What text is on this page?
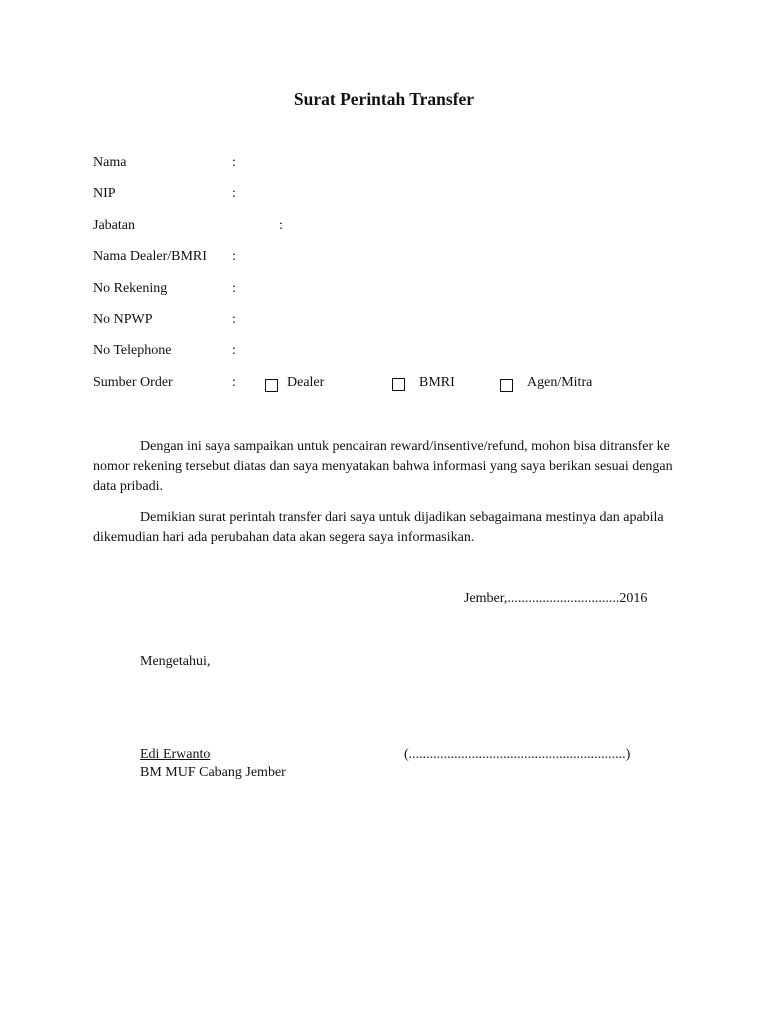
Surat Perintah Transfer
Nama	:
NIP	:
Jabatan	:
Nama Dealer/BMRI :
No Rekening	:
No NPWP	:
No Telephone	:
Sumber Order	:	Dealer	BMRI	Agen/Mitra
Dengan ini saya sampaikan untuk pencairan reward/insentive/refund, mohon bisa ditransfer ke nomor rekening tersebut diatas dan saya menyatakan bahwa informasi yang saya berikan sesuai dengan data pribadi.
Demikian surat perintah transfer dari saya untuk dijadikan sebagaimana mestinya dan apabila dikemudian hari ada perubahan data akan segera saya informasikan.
Jember,................................2016
Mengetahui,
Edi Erwanto
BM MUF Cabang Jember
(..............................................................)
